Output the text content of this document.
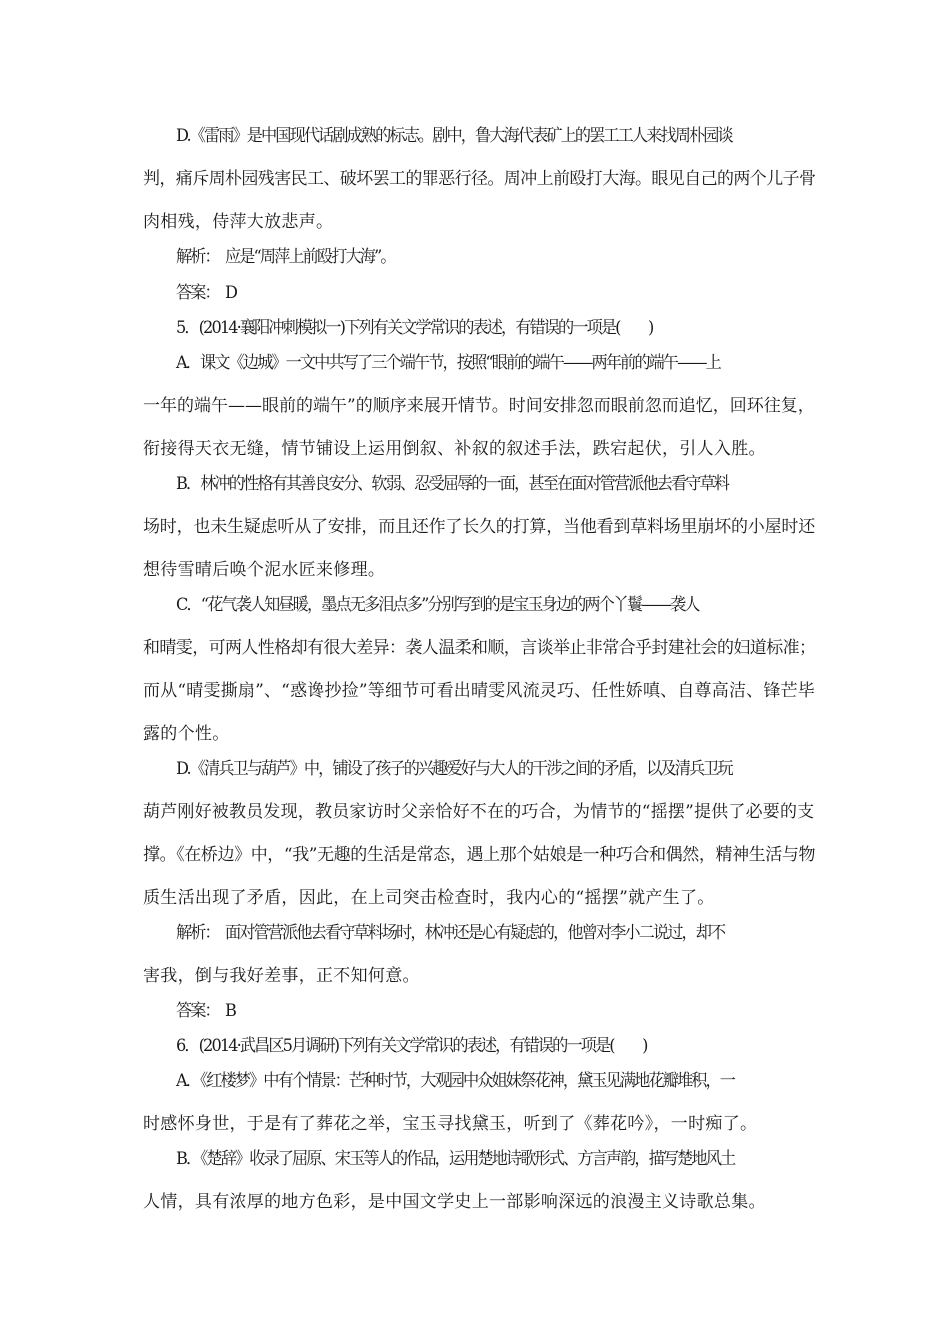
D.《雷雨》是中国现代话剧成熟的标志。剧中，鲁大海代表矿上的罢工工人来找周朴园谈
判，痛斥周朴园残害民工、破坏罢工的罪恶行径。周冲上前殴打大海。眼见自己的两个儿子骨
肉相残，侍萍大放悲声。
解析：　应是“周萍上前殴打大海”。
答案：　D
5．(2014·襄阳冲刺模拟一)下列有关文学常识的表述，有错误的一项是(　　)
A．课文《边城》一文中共写了三个端午节，按照“眼前的端午——两年前的端午——上
一年的端午——眼前的端午”的顺序来展开情节。时间安排忽而眼前忽而追忆，回环往复，
衔接得天衣无缝，情节铺设上运用倒叙、补叙的叙述手法，跌宕起伏，引人入胜。
B．林冲的性格有其善良安分、软弱、忍受屈辱的一面，甚至在面对管营派他去看守草料
场时，也未生疑虑听从了安排，而且还作了长久的打算，当他看到草料场里崩坏的小屋时还
想待雪晴后唤个泥水匠来修理。
C．“花气袭人知昼暖，墨点无多泪点多”分别写到的是宝玉身边的两个丫鬟——袭人
和晴雯，可两人性格却有很大差异：袭人温柔和顺，言谈举止非常合乎封建社会的妇道标准；
而从“晴雯撕扇”、“惑谗抄捡”等细节可看出晴雯风流灵巧、任性娇嗔、自尊高洁、锋芒毕
露的个性。
D.《清兵卫与葫芦》中，铺设了孩子的兴趣爱好与大人的干涉之间的矛盾，以及清兵卫玩
葫芦刚好被教员发现，教员家访时父亲恰好不在的巧合，为情节的“摇摆”提供了必要的支
撑。《在桥边》中，“我”无趣的生活是常态，遇上那个姑娘是一种巧合和偶然，精神生活与物
质生活出现了矛盾，因此，在上司突击检查时，我内心的“摇摆”就产生了。
解析：　面对管营派他去看守草料场时，林冲还是心有疑虑的，他曾对李小二说过，却不
害我，倒与我好差事，正不知何意。
答案：　B
6．(2014·武昌区5月调研)下列有关文学常识的表述，有错误的一项是(　　)
A．《红楼梦》中有个情景：芒种时节，大观园中众姐妹祭花神，黛玉见满地花瓣堆积，一
时感怀身世，于是有了葬花之举，宝玉寻找黛玉，听到了《葬花吟》，一时痴了。
B．《楚辞》收录了屈原、宋玉等人的作品，运用楚地诗歌形式、方言声韵，描写楚地风土
人情，具有浓厚的地方色彩，是中国文学史上一部影响深远的浪漫主义诗歌总集。
